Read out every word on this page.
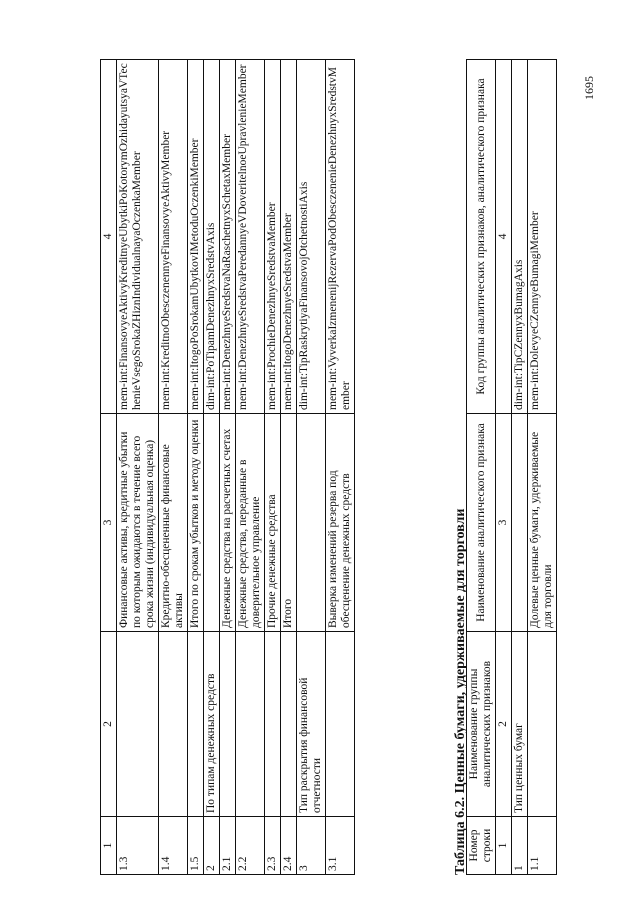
1695
1	2	3	4
1.3		Финансовые активы, кредитные убытки по которым ожидаются в течение всего срока жизни (индивидуальная оценка)	mem-int:FinansovyeAktivyKreditnyeUbytkiPoKotorymOzhidayutsyaVTechenieVsegoSrokaZHiznIndividualnayaOczenkaMember
1.4		Кредитно-обесцененные финансовые активы	mem-int:KreditnoObesczenennyeFinansovyeAktivyMember
1.5		Итого по срокам убытков и методу оценки	mem-int:ItogoPoSrokamUbytkovIMetoduOczenkiMember
2	По типам денежных средств		dim-int:PoTipamDenezhnyxSredstvAxis
2.1		Денежные средства на расчетных счетах	mem-int:DenezhnyeSredstvaNaRaschetnyxSchetaxMember
2.2		Денежные средства, переданные в доверительное управление	mem-int:DenezhnyeSredstvaPeredannyeVDoveritelnoeUpravlenieMember
2.3		Прочие денежные средства	mem-int:ProchieDenezhnyeSredstvaMember
2.4		Итого	mem-int:ItogoDenezhnyeSredstvaMember
3	Тип раскрытия финансовой отчетности		dim-int:TipRaskrytiyaFinansovojOtchetnostiAxis
3.1		Выверка изменений резерва под обесценение денежных средств	mem-int:VyverkaIzmenenijRezervaPodObesczenenieDenezhnyxSredstvMember
Таблица 6.2. Ценные бумаги, удерживаемые для торговли Номер строки	Наименование группы аналитических признаков	Наименование аналитического признака	Код группы аналитических признаков, аналитического признака
1	2	3	4
1	Тип ценных бумаг		dim-int:TipCZennyxBumagAxis
1.1		Долевые ценные бумаги, удерживаемые для торговли	mem-int:DolevyeCZennyeBumagiMember
